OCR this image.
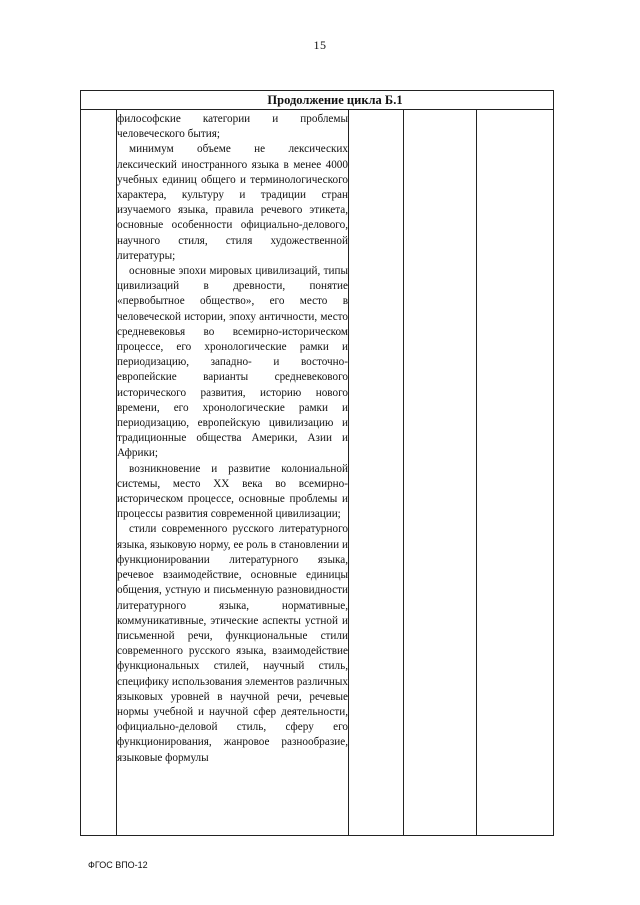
15
Продолжение цикла Б.1

философские категории и проблемы человеческого бытия;

минимум объеме не лексических лексический иностранного языка в менее 4000 учебных единиц общего и терминологического характера, культуру и традиции стран изучаемого языка, правила речевого этикета, основные особенности официально-делового, научного стиля, стиля художественной литературы;

основные эпохи мировых цивилизаций, типы цивилизаций в древности, понятие «первобытное общество», его место в человеческой истории, эпоху античности, место средневековья во всемирно-историческом процессе, его хронологические рамки и периодизацию, западно- и восточно-европейские варианты средневекового исторического развития, историю нового времени, его хронологические рамки и периодизацию, европейскую цивилизацию и традиционные общества Америки, Азии и Африки;

возникновение и развитие колониальной системы, место XX века во всемирно-историческом процессе, основные проблемы и процессы развития современной цивилизации;

стили современного русского литературного языка, языковую норму, ее роль в становлении и функционировании литературного языка, речевое взаимодействие, основные единицы общения, устную и письменную разновидности литературного языка, нормативные, коммуникативные, этические аспекты устной и письменной речи, функциональные стили современного русского языка, взаимодействие функциональных стилей, научный стиль, специфику использования элементов различных языковых уровней в научной речи, речевые нормы учебной и научной сфер деятельности, официально-деловой стиль, сферу его функционирования, жанровое разнообразие, языковые формулы

ФГОС ВПО-12
